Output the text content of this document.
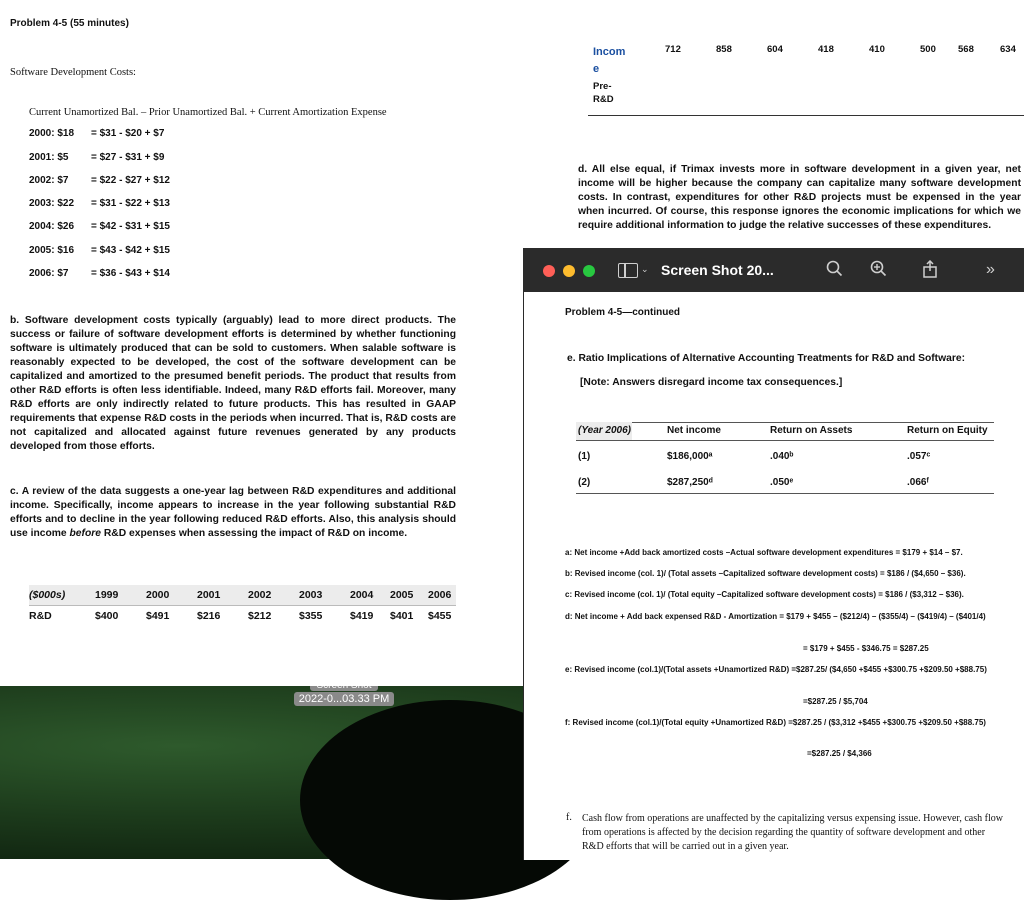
2022-0...03.33 PM
Problem 4-5 (55 minutes)
Software Development Costs:
Current Unamortized Bal. – Prior Unamortized Bal. + Current Amortization Expense
2000: $18 = $31 - $20 + $7
2001: $5 = $27 - $31 + $9
2002: $7 = $22 - $27 + $12
2003: $22 = $31 - $22 + $13
2004: $26 = $42 - $31 + $15
2005: $16 = $43 - $42 + $15
2006: $7 = $36 - $43 + $14
b. Software development costs typically (arguably) lead to more direct products. The success or failure of software development efforts is determined by whether functioning software is ultimately produced that can be sold to customers. When salable software is reasonably expected to be developed, the cost of the software development can be capitalized and amortized to the presumed benefit periods. The product that results from other R&D efforts is often less identifiable. Indeed, many R&D efforts fail. Moreover, many R&D efforts are only indirectly related to future products. This has resulted in GAAP requirements that expense R&D costs in the periods when incurred. That is, R&D costs are not capitalized and allocated against future revenues generated by any products developed from those efforts.
c. A review of the data suggests a one-year lag between R&D expenditures and additional income. Specifically, income appears to increase in the year following substantial R&D efforts and to decline in the year following reduced R&D efforts. Also, this analysis should use income before R&D expenses when assessing the impact of R&D on income.
($000s)	1999	2000	2001	2002	2003	2004	2005	2006
R&D	$400	$491	$216	$212	$355	$419	$401	$455
Incom
e
Pre-
R&D
712	858	604	418	410	500 568	634
d. All else equal, if Trimax invests more in software development in a given year, net income will be higher because the company can capitalize many software development costs. In contrast, expenditures for other R&D projects must be expensed in the year when incurred. Of course, this response ignores the economic implications for which we require additional information to judge the relative successes of these expenditures.
⌄ Screen Shot 20...	»
Problem 4-5—continued
e. Ratio Implications of Alternative Accounting Treatments for R&D and Software:
[Note: Answers disregard income tax consequences.]
(Year 2006)	Net income	Return on Assets	Return on Equity
(1)	$186,000ᵃ	.040ᵇ	.057ᶜ
(2)	$287,250ᵈ	.050ᵉ	.066ᶠ
a: Net income +Add back amortized costs –Actual software development expenditures = $179 + $14 – $7.
b: Revised income (col. 1)/ (Total assets –Capitalized software development costs) = $186 / ($4,650 – $36).
c: Revised income (col. 1)/ (Total equity –Capitalized software development costs) = $186 / ($3,312 – $36).
d: Net income + Add back expensed R&D - Amortization = $179 + $455 – ($212/4) – ($355/4) – ($419/4) – ($401/4)
= $179 + $455 - $346.75 = $287.25
e: Revised income (col.1)/(Total assets +Unamortized R&D) =$287.25/ ($4,650 +$455 +$300.75 +$209.50 +$88.75)
=$287.25 / $5,704
f: Revised income (col.1)/(Total equity +Unamortized R&D) =$287.25 / ($3,312 +$455 +$300.75 +$209.50 +$88.75)
=$287.25 / $4,366
f. Cash flow from operations are unaffected by the capitalizing versus expensing issue. However, cash flow from operations is affected by the decision regarding the quantity of software development and other R&D efforts that will be carried out in a given year.
